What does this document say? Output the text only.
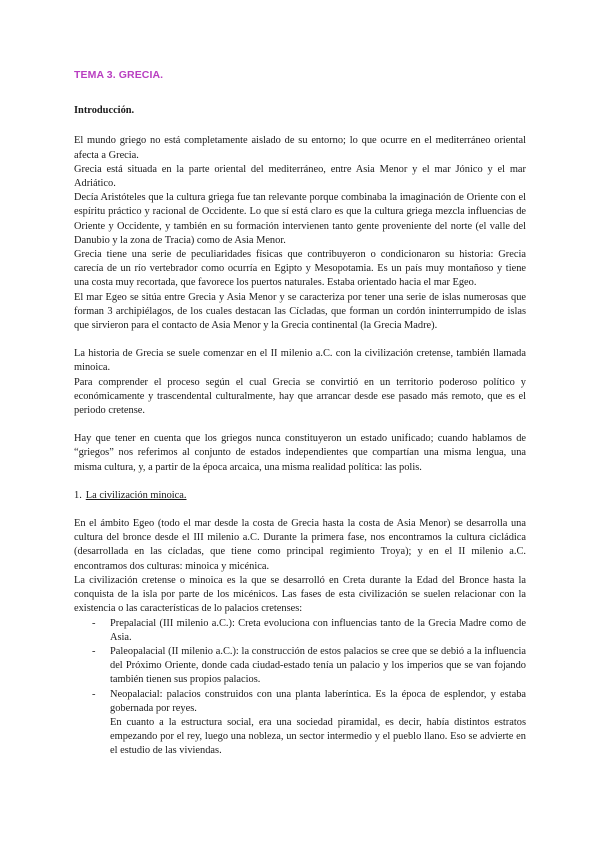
TEMA 3. GRECIA.
Introducción.

El mundo griego no está completamente aislado de su entorno; lo que ocurre en el mediterráneo oriental afecta a Grecia.

Grecia está situada en la parte oriental del mediterráneo, entre Asia Menor y el mar Jónico y el mar Adriático.

Decía Aristóteles que la cultura griega fue tan relevante porque combinaba la imaginación de Oriente con el espíritu práctico y racional de Occidente. Lo que sí está claro es que la cultura griega mezcla influencias de Oriente y Occidente, y también en su formación intervienen tanto gente proveniente del norte (el valle del Danubio y la zona de Tracia) como de Asia Menor.

Grecia tiene una serie de peculiaridades físicas que contribuyeron o condicionaron su historia: Grecia carecía de un río vertebrador como ocurría en Egipto y Mesopotamia. Es un país muy montañoso y tiene una costa muy recortada, que favorece los puertos naturales. Estaba orientado hacia el mar Egeo.

El mar Egeo se sitúa entre Grecia y Asia Menor y se caracteriza por tener una serie de islas numerosas que forman 3 archipiélagos, de los cuales destacan las Cícladas, que forman un cordón ininterrumpido de islas que sirvieron para el contacto de Asia Menor y la Grecia continental (la Grecia Madre).

La historia de Grecia se suele comenzar en el II milenio a.C. con la civilización cretense, también llamada minoica.

Para comprender el proceso según el cual Grecia se convirtió en un territorio poderoso político y económicamente y trascendental culturalmente, hay que arrancar desde ese pasado más remoto, que es el periodo cretense.

Hay que tener en cuenta que los griegos nunca constituyeron un estado unificado; cuando hablamos de “griegos” nos referimos al conjunto de estados independientes que compartían una misma lengua, una misma cultura, y, a partir de la época arcaica, una misma realidad política: las polis.

1. La civilización minoica.

En el ámbito Egeo (todo el mar desde la costa de Grecia hasta la costa de Asia Menor) se desarrolla una cultura del bronce desde el III milenio a.C. Durante la primera fase, nos encontramos la cultura cicládica (desarrollada en las cícladas, que tiene como principal regimiento Troya); y en el II milenio a.C. encontramos dos culturas: minoica y micénica.

La civilización cretense o minoica es la que se desarrolló en Creta durante la Edad del Bronce hasta la conquista de la isla por parte de los micénicos. Las fases de esta civilización se suelen relacionar con la existencia o las características de lo palacios cretenses:

- Prepalacial (III milenio a.C.): Creta evoluciona con influencias tanto de la Grecia Madre como de Asia.
- Paleopalacial (II milenio a.C.): la construcción de estos palacios se cree que se debió a la influencia del Próximo Oriente, donde cada ciudad-estado tenía un palacio y los imperios que se van fojando también tienen sus propios palacios.
- Neopalacial: palacios construidos con una planta laberíntica. Es la época de esplendor, y estaba gobernada por reyes.

En cuanto a la estructura social, era una sociedad piramidal, es decir, había distintos estratos empezando por el rey, luego una nobleza, un sector intermedio y el pueblo llano. Eso se advierte en el estudio de las viviendas.
